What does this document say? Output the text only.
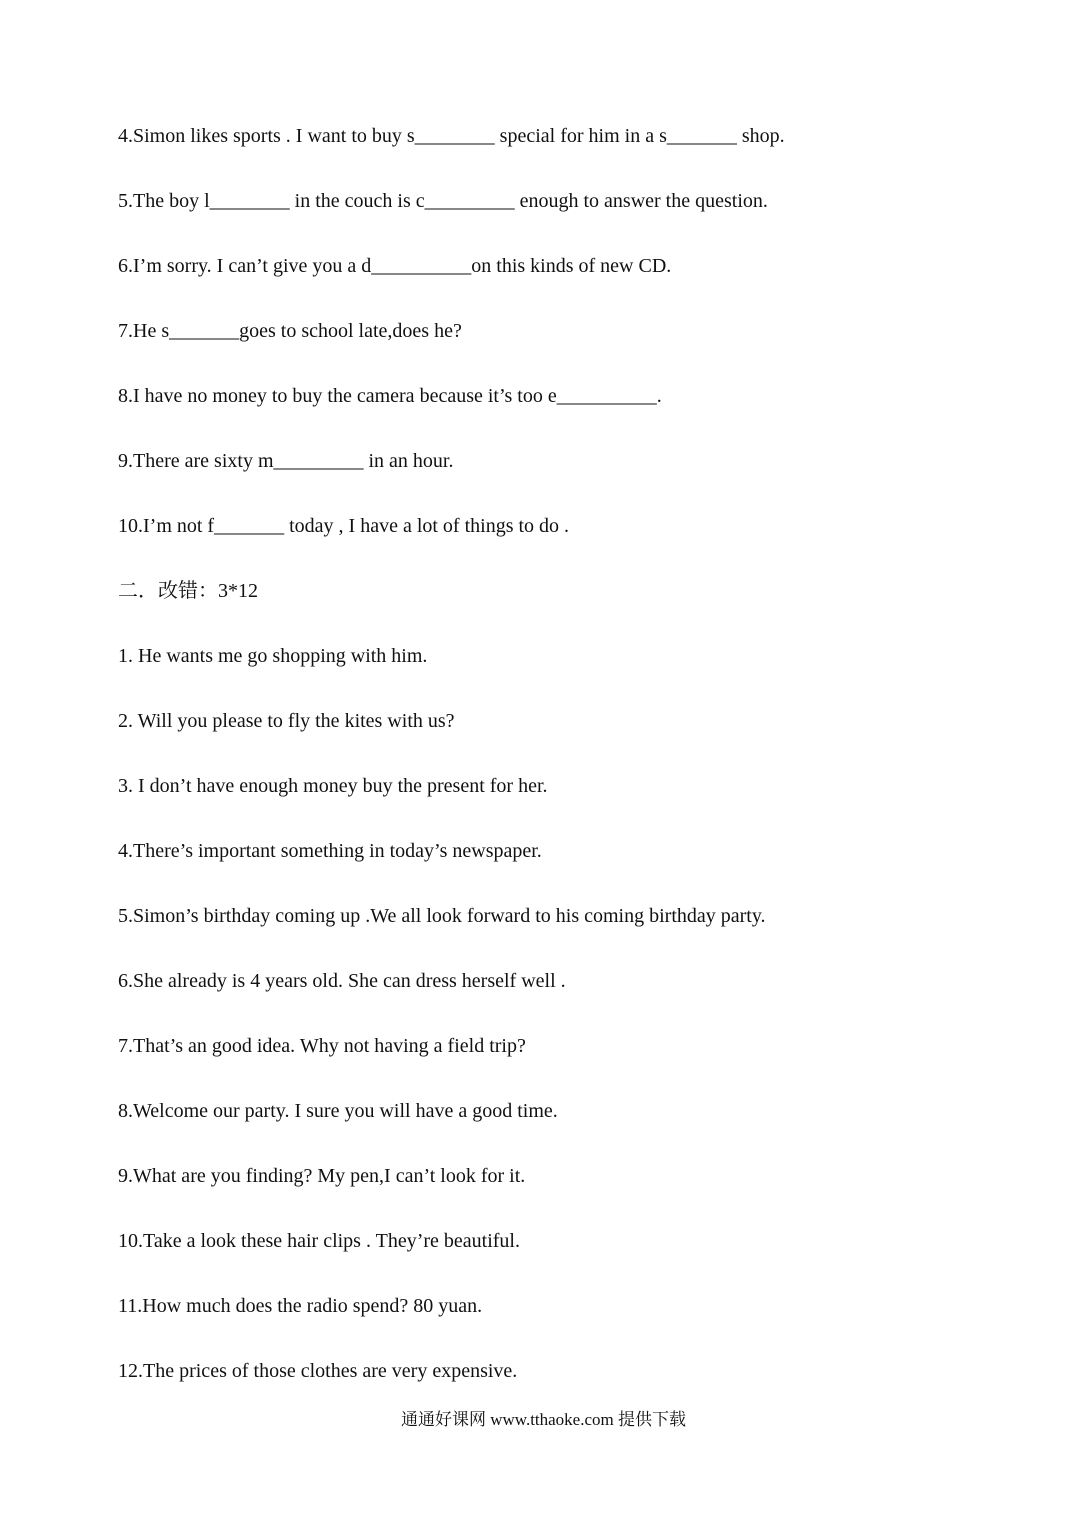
4.Simon likes sports . I want to buy s________ special for him in a s_______ shop.
5.The boy l________ in the couch is c_________ enough to answer the question.
6.I’m sorry. I can’t give you a d__________on this kinds of new CD.
7.He s_______goes to school late,does he?
8.I have no money to buy the camera because it’s too e__________.
9.There are sixty m_________ in an hour.
10.I’m not f_______ today , I have a lot of things to do .
二．改错：3*12
1. He wants me go shopping with him.
2. Will you please to fly the kites with us?
3. I don’t have enough money buy the present for her.
4.There’s important something in today’s newspaper.
5.Simon’s birthday coming up .We all look forward to his coming birthday party.
6.She already is 4 years old. She can dress herself well .
7.That’s an good idea. Why not having a field trip?
8.Welcome our party. I sure you will have a good time.
9.What are you finding? My pen,I can’t look for it.
10.Take a look these hair clips . They’re beautiful.
11.How much does the radio spend? 80 yuan.
12.The prices of those clothes are very expensive.
通通好课网 www.tthaoke.com 提供下载
